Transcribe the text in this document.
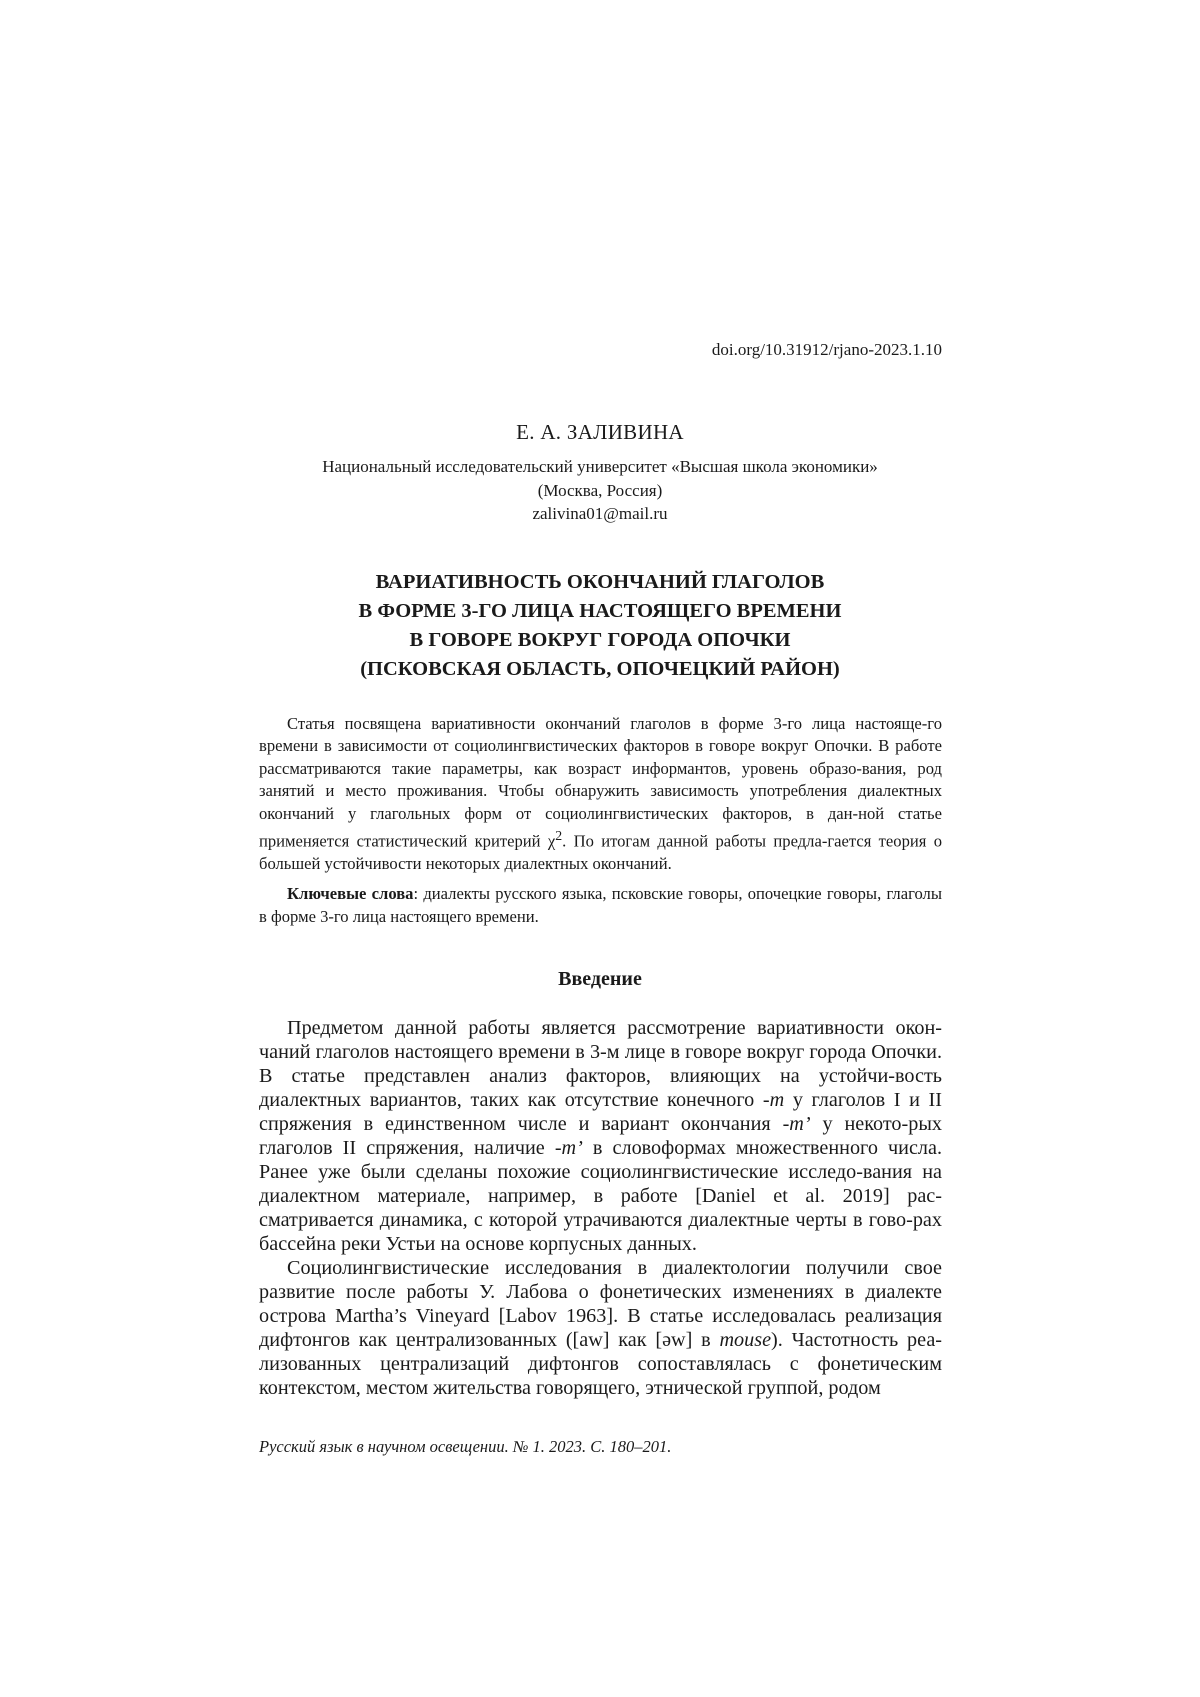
doi.org/10.31912/rjano-2023.1.10
Е. А. ЗАЛИВИНА
Национальный исследовательский университет «Высшая школа экономики»
(Москва, Россия)
zalivina01@mail.ru
ВАРИАТИВНОСТЬ ОКОНЧАНИЙ ГЛАГОЛОВ
В ФОРМЕ 3-ГО ЛИЦА НАСТОЯЩЕГО ВРЕМЕНИ
В ГОВОРЕ ВОКРУГ ГОРОДА ОПОЧКИ
(ПСКОВСКАЯ ОБЛАСТЬ, ОПОЧЕЦКИЙ РАЙОН)

Статья посвящена вариативности окончаний глаголов в форме 3-го лица настояще-го времени в зависимости от социолингвистических факторов в говоре вокруг Опочки. В работе рассматриваются такие параметры, как возраст информантов, уровень образо-вания, род занятий и место проживания. Чтобы обнаружить зависимость употребления диалектных окончаний у глагольных форм от социолингвистических факторов, в дан-ной статье применяется статистический критерий $\chi^2$. По итогам данной работы предла-гается теория о большей устойчивости некоторых диалектных окончаний.

Ключевые слова: диалекты русского языка, псковские говоры, опочецкие говоры, глаголы в форме 3-го лица настоящего времени.

Введение

Предметом данной работы является рассмотрение вариативности окон-чаний глаголов настоящего времени в 3-м лице в говоре вокруг города Опочки. В статье представлен анализ факторов, влияющих на устойчи-вость диалектных вариантов, таких как отсутствие конечного -т у глаголов I и II спряжения в единственном числе и вариант окончания -т’ у некото-рых глаголов II спряжения, наличие -т’ в словоформах множественного числа. Ранее уже были сделаны похожие социолингвистические исследо-вания на диалектном материале, например, в работе [Daniel et al. 2019] рас-сматривается динамика, с которой утрачиваются диалектные черты в гово-рах бассейна реки Устьи на основе корпусных данных.

Социолингвистические исследования в диалектологии получили свое развитие после работы У. Лабова о фонетических изменениях в диалекте острова Martha’s Vineyard [Labov 1963]. В статье исследовалась реализация дифтонгов как централизованных ([aw] как [əw] в mouse). Частотность реа-лизованных централизаций дифтонгов сопоставлялась с фонетическим контекстом, местом жительства говорящего, этнической группой, родом

Русский язык в научном освещении. № 1. 2023. С. 180–201.
